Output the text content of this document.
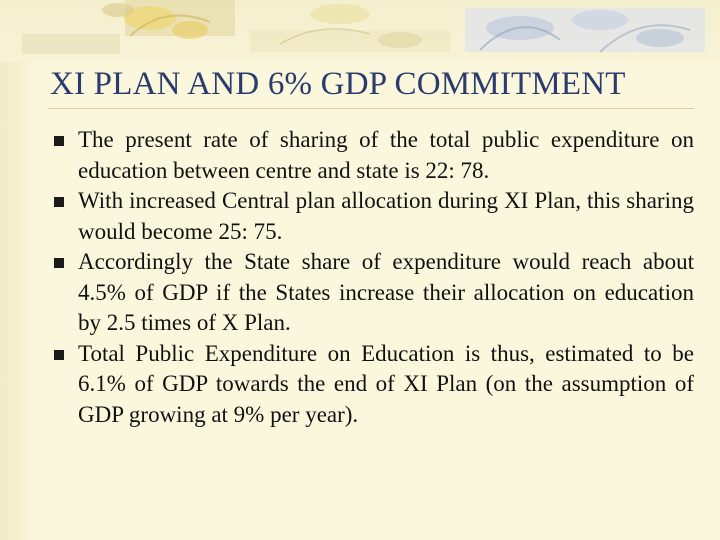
XI PLAN AND 6% GDP COMMITMENT
The present rate of sharing of the total public expenditure on education between centre and state is 22: 78.
With increased Central plan allocation during XI Plan, this sharing would become 25: 75.
Accordingly the State share of expenditure would reach about 4.5% of GDP if the States increase their allocation on education by 2.5 times of X Plan.
Total Public Expenditure on Education is thus, estimated to be 6.1% of GDP towards the end of XI Plan (on the assumption of GDP growing at 9% per year).
